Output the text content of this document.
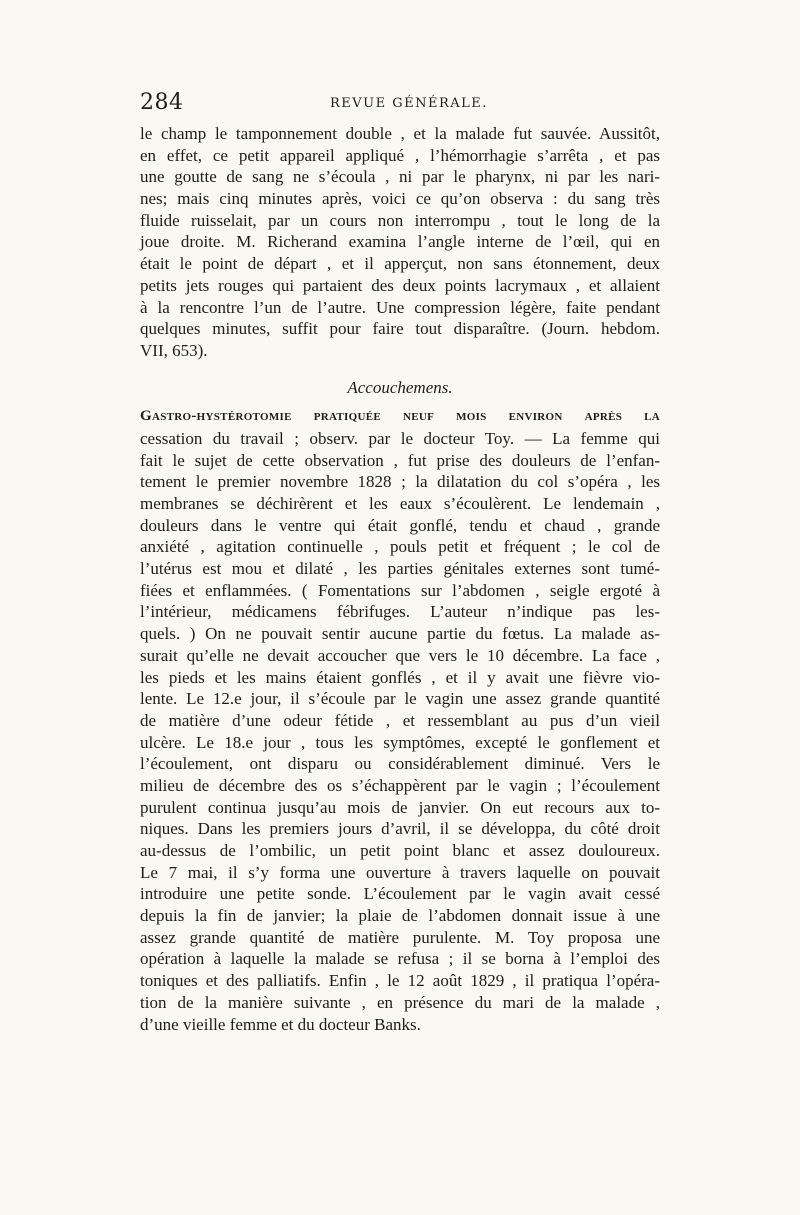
284	REVUE GÉNÉRALE.
le champ le tamponnement double , et la malade fut sauvée. Aussitôt,
en effet, ce petit appareil appliqué , l’hémorrhagie s’arrêta , et pas
une goutte de sang ne s’écoula , ni par le pharynx, ni par les nari-
nes; mais cinq minutes après, voici ce qu’on observa : du sang très
fluide ruisselait, par un cours non interrompu , tout le long de la
joue droite. M. Richerand examina l’angle interne de l’œil, qui en
était le point de départ , et il apperçut, non sans étonnement, deux
petits jets rouges qui partaient des deux points lacrymaux , et allaient
à la rencontre l’un de l’autre. Une compression légère, faite pendant
quelques minutes, suffit pour faire tout disparaître. (Journ. hebdom.
VII, 653).
Accouchemens.
Gastro-hystérotomie pratiquée neuf mois environ après la
cessation du travail ; observ. par le docteur Toy. — La femme qui
fait le sujet de cette observation , fut prise des douleurs de l’enfan-
tement le premier novembre 1828 ; la dilatation du col s’opéra , les
membranes se déchirèrent et les eaux s’écoulèrent. Le lendemain ,
douleurs dans le ventre qui était gonflé, tendu et chaud , grande
anxiété , agitation continuelle , pouls petit et fréquent ; le col de
l’utérus est mou et dilaté , les parties génitales externes sont tumé-
fiées et enflammées. ( Fomentations sur l’abdomen , seigle ergoté à
l’intérieur, médicamens fébrifuges. L’auteur n’indique pas les-
quels. ) On ne pouvait sentir aucune partie du fœtus. La malade as-
surait qu’elle ne devait accoucher que vers le 10 décembre. La face ,
les pieds et les mains étaient gonflés , et il y avait une fièvre vio-
lente. Le 12.e jour, il s’écoule par le vagin une assez grande quantité
de matière d’une odeur fétide , et ressemblant au pus d’un vieil
ulcère. Le 18.e jour , tous les symptômes, excepté le gonflement et
l’écoulement, ont disparu ou considérablement diminué. Vers le
milieu de décembre des os s’échappèrent par le vagin ; l’écoulement
purulent continua jusqu’au mois de janvier. On eut recours aux to-
niques. Dans les premiers jours d’avril, il se développa, du côté droit
au-dessus de l’ombilic, un petit point blanc et assez douloureux.
Le 7 mai, il s’y forma une ouverture à travers laquelle on pouvait
introduire une petite sonde. L’écoulement par le vagin avait cessé
depuis la fin de janvier; la plaie de l’abdomen donnait issue à une
assez grande quantité de matière purulente. M. Toy proposa une
opération à laquelle la malade se refusa ; il se borna à l’emploi des
toniques et des palliatifs. Enfin , le 12 août 1829 , il pratiqua l’opéra-
tion de la manière suivante , en présence du mari de la malade ,
d’une vieille femme et du docteur Banks.
